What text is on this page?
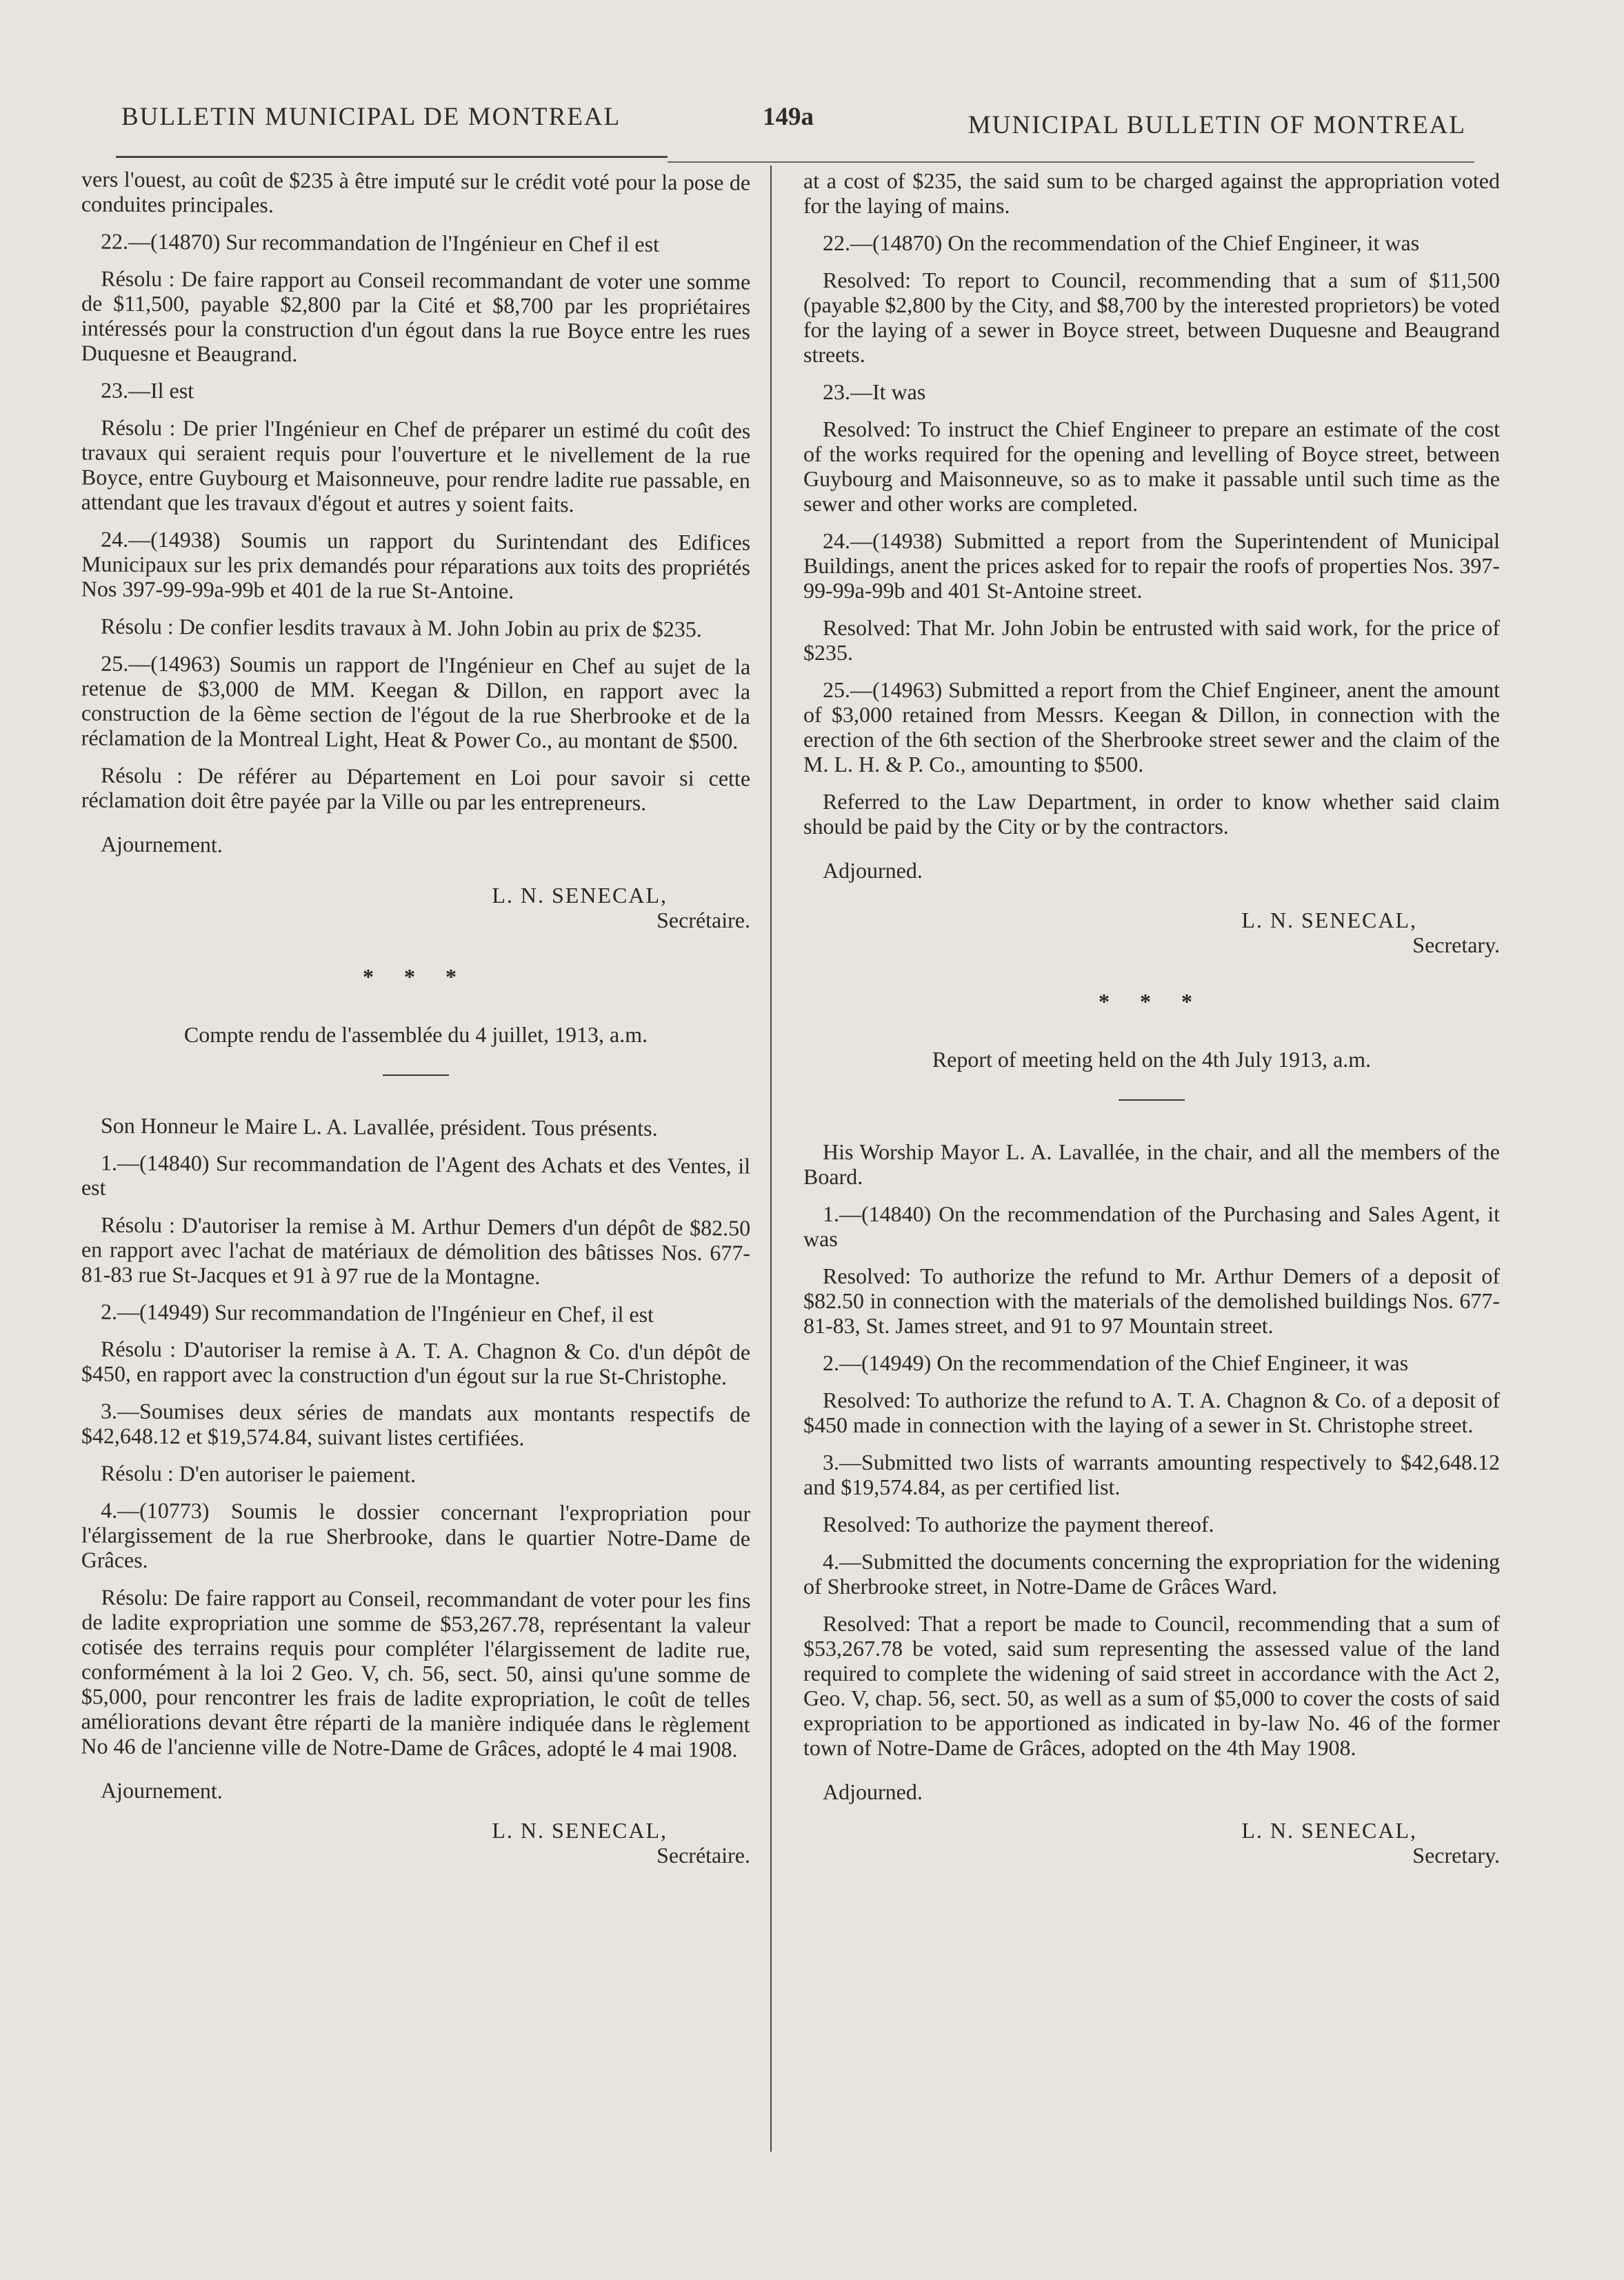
BULLETIN MUNICIPAL DE MONTREAL	149a	MUNICIPAL BULLETIN OF MONTREAL

vers l'ouest, au coût de $235 à être imputé sur le crédit voté pour la pose de conduites principales.

22.—(14870) Sur recommandation de l'Ingénieur en Chef il est

Résolu : De faire rapport au Conseil recommandant de voter une somme de $11,500, payable $2,800 par la Cité et $8,700 par les propriétaires intéressés pour la construction d'un égout dans la rue Boyce entre les rues Duquesne et Beaugrand.

23.—Il est

Résolu : De prier l'Ingénieur en Chef de préparer un estimé du coût des travaux qui seraient requis pour l'ouverture et le nivellement de la rue Boyce, entre Guybourg et Maisonneuve, pour rendre ladite rue passable, en attendant que les travaux d'égout et autres y soient faits.

24.—(14938) Soumis un rapport du Surintendant des Edifices Municipaux sur les prix demandés pour réparations aux toits des propriétés Nos 397-99-99a-99b et 401 de la rue St-Antoine.

Résolu : De confier lesdits travaux à M. John Jobin au prix de $235.

25.—(14963) Soumis un rapport de l'Ingénieur en Chef au sujet de la retenue de $3,000 de MM. Keegan & Dillon, en rapport avec la construction de la 6ème section de l'égout de la rue Sherbrooke et de la réclamation de la Montreal Light, Heat & Power Co., au montant de $500.

Résolu : De référer au Département en Loi pour savoir si cette réclamation doit être payée par la Ville ou par les entrepreneurs.

Ajournement.

L. N. SENECAL,
Secrétaire.
* * *
Compte rendu de l'assemblée du 4 juillet, 1913, a.m.

Son Honneur le Maire L. A. Lavallée, président. Tous présents.

1.—(14840) Sur recommandation de l'Agent des Achats et des Ventes, il est

Résolu : D'autoriser la remise à M. Arthur Demers d'un dépôt de $82.50 en rapport avec l'achat de matériaux de démolition des bâtisses Nos. 677-81-83 rue St-Jacques et 91 à 97 rue de la Montagne.

2.—(14949) Sur recommandation de l'Ingénieur en Chef, il est

Résolu : D'autoriser la remise à A. T. A. Chagnon & Co. d'un dépôt de $450, en rapport avec la construction d'un égout sur la rue St-Christophe.

3.—Soumises deux séries de mandats aux montants respectifs de $42,648.12 et $19,574.84, suivant listes certifiées.

Résolu : D'en autoriser le paiement.

4.—(10773) Soumis le dossier concernant l'expropriation pour l'élargissement de la rue Sherbrooke, dans le quartier Notre-Dame de Grâces.

Résolu: De faire rapport au Conseil, recommandant de voter pour les fins de ladite expropriation une somme de $53,267.78, représentant la valeur cotisée des terrains requis pour compléter l'élargissement de ladite rue, conformément à la loi 2 Geo. V, ch. 56, sect. 50, ainsi qu'une somme de $5,000, pour rencontrer les frais de ladite expropriation, le coût de telles améliorations devant être réparti de la manière indiquée dans le règlement No 46 de l'ancienne ville de Notre-Dame de Grâces, adopté le 4 mai 1908.

Ajournement.

L. N. SENECAL,
Secrétaire.

at a cost of $235, the said sum to be charged against the appropriation voted for the laying of mains.

22.—(14870) On the recommendation of the Chief Engineer, it was

Resolved: To report to Council, recommending that a sum of $11,500 (payable $2,800 by the City, and $8,700 by the interested proprietors) be voted for the laying of a sewer in Boyce street, between Duquesne and Beaugrand streets.

23.—It was

Resolved: To instruct the Chief Engineer to prepare an estimate of the cost of the works required for the opening and levelling of Boyce street, between Guybourg and Maisonneuve, so as to make it passable until such time as the sewer and other works are completed.

24.—(14938) Submitted a report from the Superintendent of Municipal Buildings, anent the prices asked for to repair the roofs of properties Nos. 397-99-99a-99b and 401 St-Antoine street.

Resolved: That Mr. John Jobin be entrusted with said work, for the price of $235.

25.—(14963) Submitted a report from the Chief Engineer, anent the amount of $3,000 retained from Messrs. Keegan & Dillon, in connection with the erection of the 6th section of the Sherbrooke street sewer and the claim of the M. L. H. & P. Co., amounting to $500.

Referred to the Law Department, in order to know whether said claim should be paid by the City or by the contractors.

Adjourned.

L. N. SENECAL,
Secretary.
* * *
Report of meeting held on the 4th July 1913, a.m.

His Worship Mayor L. A. Lavallée, in the chair, and all the members of the Board.

1.—(14840) On the recommendation of the Purchasing and Sales Agent, it was

Resolved: To authorize the refund to Mr. Arthur Demers of a deposit of $82.50 in connection with the materials of the demolished buildings Nos. 677-81-83, St. James street, and 91 to 97 Mountain street.

2.—(14949) On the recommendation of the Chief Engineer, it was

Resolved: To authorize the refund to A. T. A. Chagnon & Co. of a deposit of $450 made in connection with the laying of a sewer in St. Christophe street.

3.—Submitted two lists of warrants amounting respectively to $42,648.12 and $19,574.84, as per certified list.

Resolved: To authorize the payment thereof.

4.—Submitted the documents concerning the expropriation for the widening of Sherbrooke street, in Notre-Dame de Grâces Ward.

Resolved: That a report be made to Council, recommending that a sum of $53,267.78 be voted, said sum representing the assessed value of the land required to complete the widening of said street in accordance with the Act 2, Geo. V, chap. 56, sect. 50, as well as a sum of $5,000 to cover the costs of said expropriation to be apportioned as indicated in by-law No. 46 of the former town of Notre-Dame de Grâces, adopted on the 4th May 1908.

Adjourned.

L. N. SENECAL,
Secretary.
